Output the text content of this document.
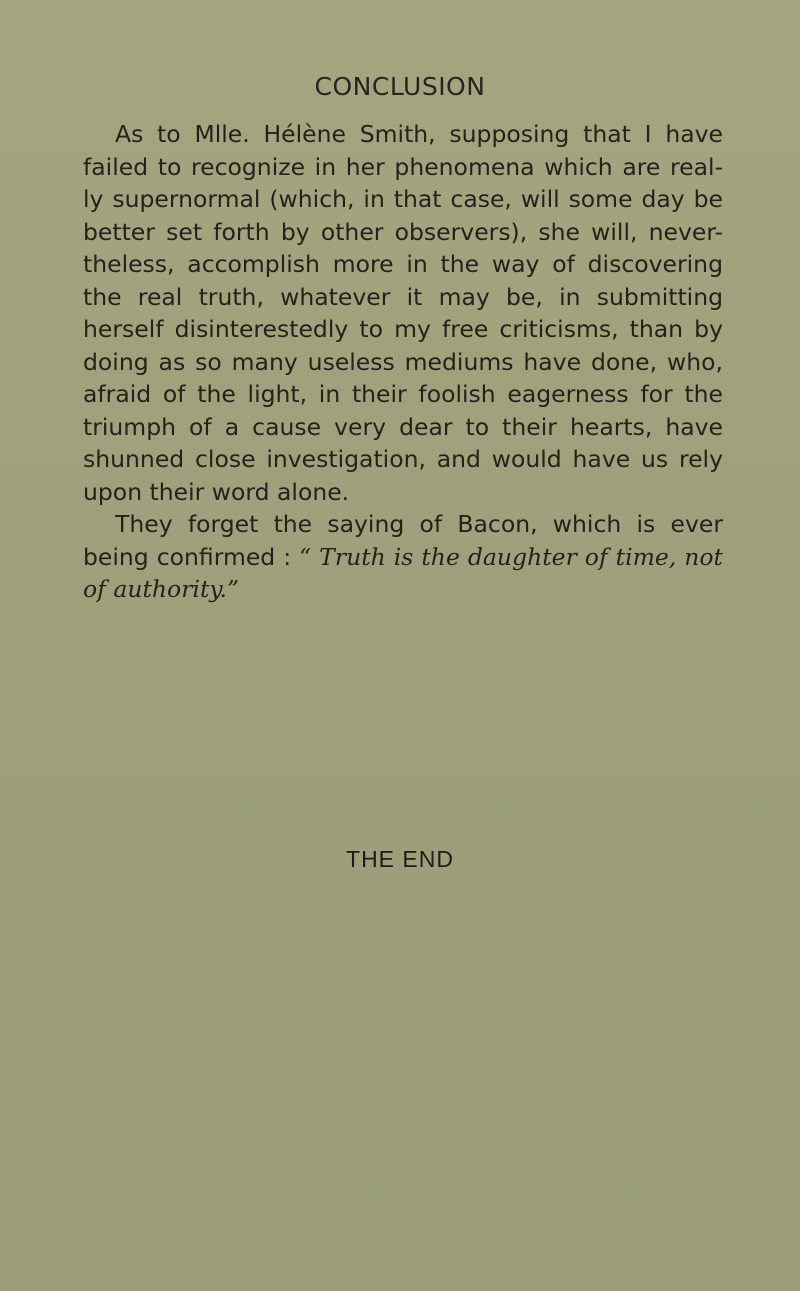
CONCLUSION

As to Mlle. Hélène Smith, supposing that I have failed to recognize in her phenomena which are real- ly supernormal (which, in that case, will some day be better set forth by other observers), she will, never- theless, accomplish more in the way of discovering the real truth, whatever it may be, in submitting herself disinterestedly to my free criticisms, than by doing as so many useless mediums have done, who, afraid of the light, in their foolish eagerness for the triumph of a cause very dear to their hearts, have shunned close investigation, and would have us rely upon their word alone.

They forget the saying of Bacon, which is ever being confirmed : “ Truth is the daughter of time, not of authority.”

THE END
